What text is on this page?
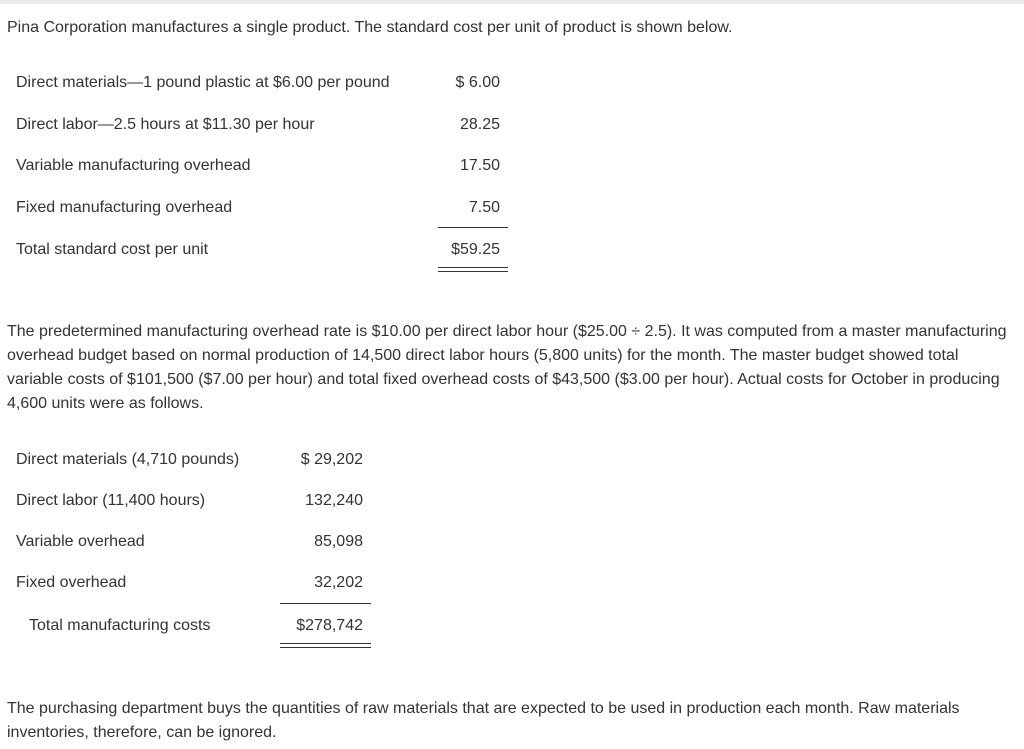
Pina Corporation manufactures a single product. The standard cost per unit of product is shown below.
Direct materials—1 pound plastic at $6.00 per pound	$ 6.00
Direct labor—2.5 hours at $11.30 per hour	28.25
Variable manufacturing overhead	17.50
Fixed manufacturing overhead	7.50
Total standard cost per unit	$59.25
The predetermined manufacturing overhead rate is $10.00 per direct labor hour ($25.00 ÷ 2.5). It was computed from a master manufacturing overhead budget based on normal production of 14,500 direct labor hours (5,800 units) for the month. The master budget showed total variable costs of $101,500 ($7.00 per hour) and total fixed overhead costs of $43,500 ($3.00 per hour). Actual costs for October in producing 4,600 units were as follows.
Direct materials (4,710 pounds)	$ 29,202
Direct labor (11,400 hours)	132,240
Variable overhead	85,098
Fixed overhead	32,202
Total manufacturing costs	$278,742
The purchasing department buys the quantities of raw materials that are expected to be used in production each month. Raw materials inventories, therefore, can be ignored.
